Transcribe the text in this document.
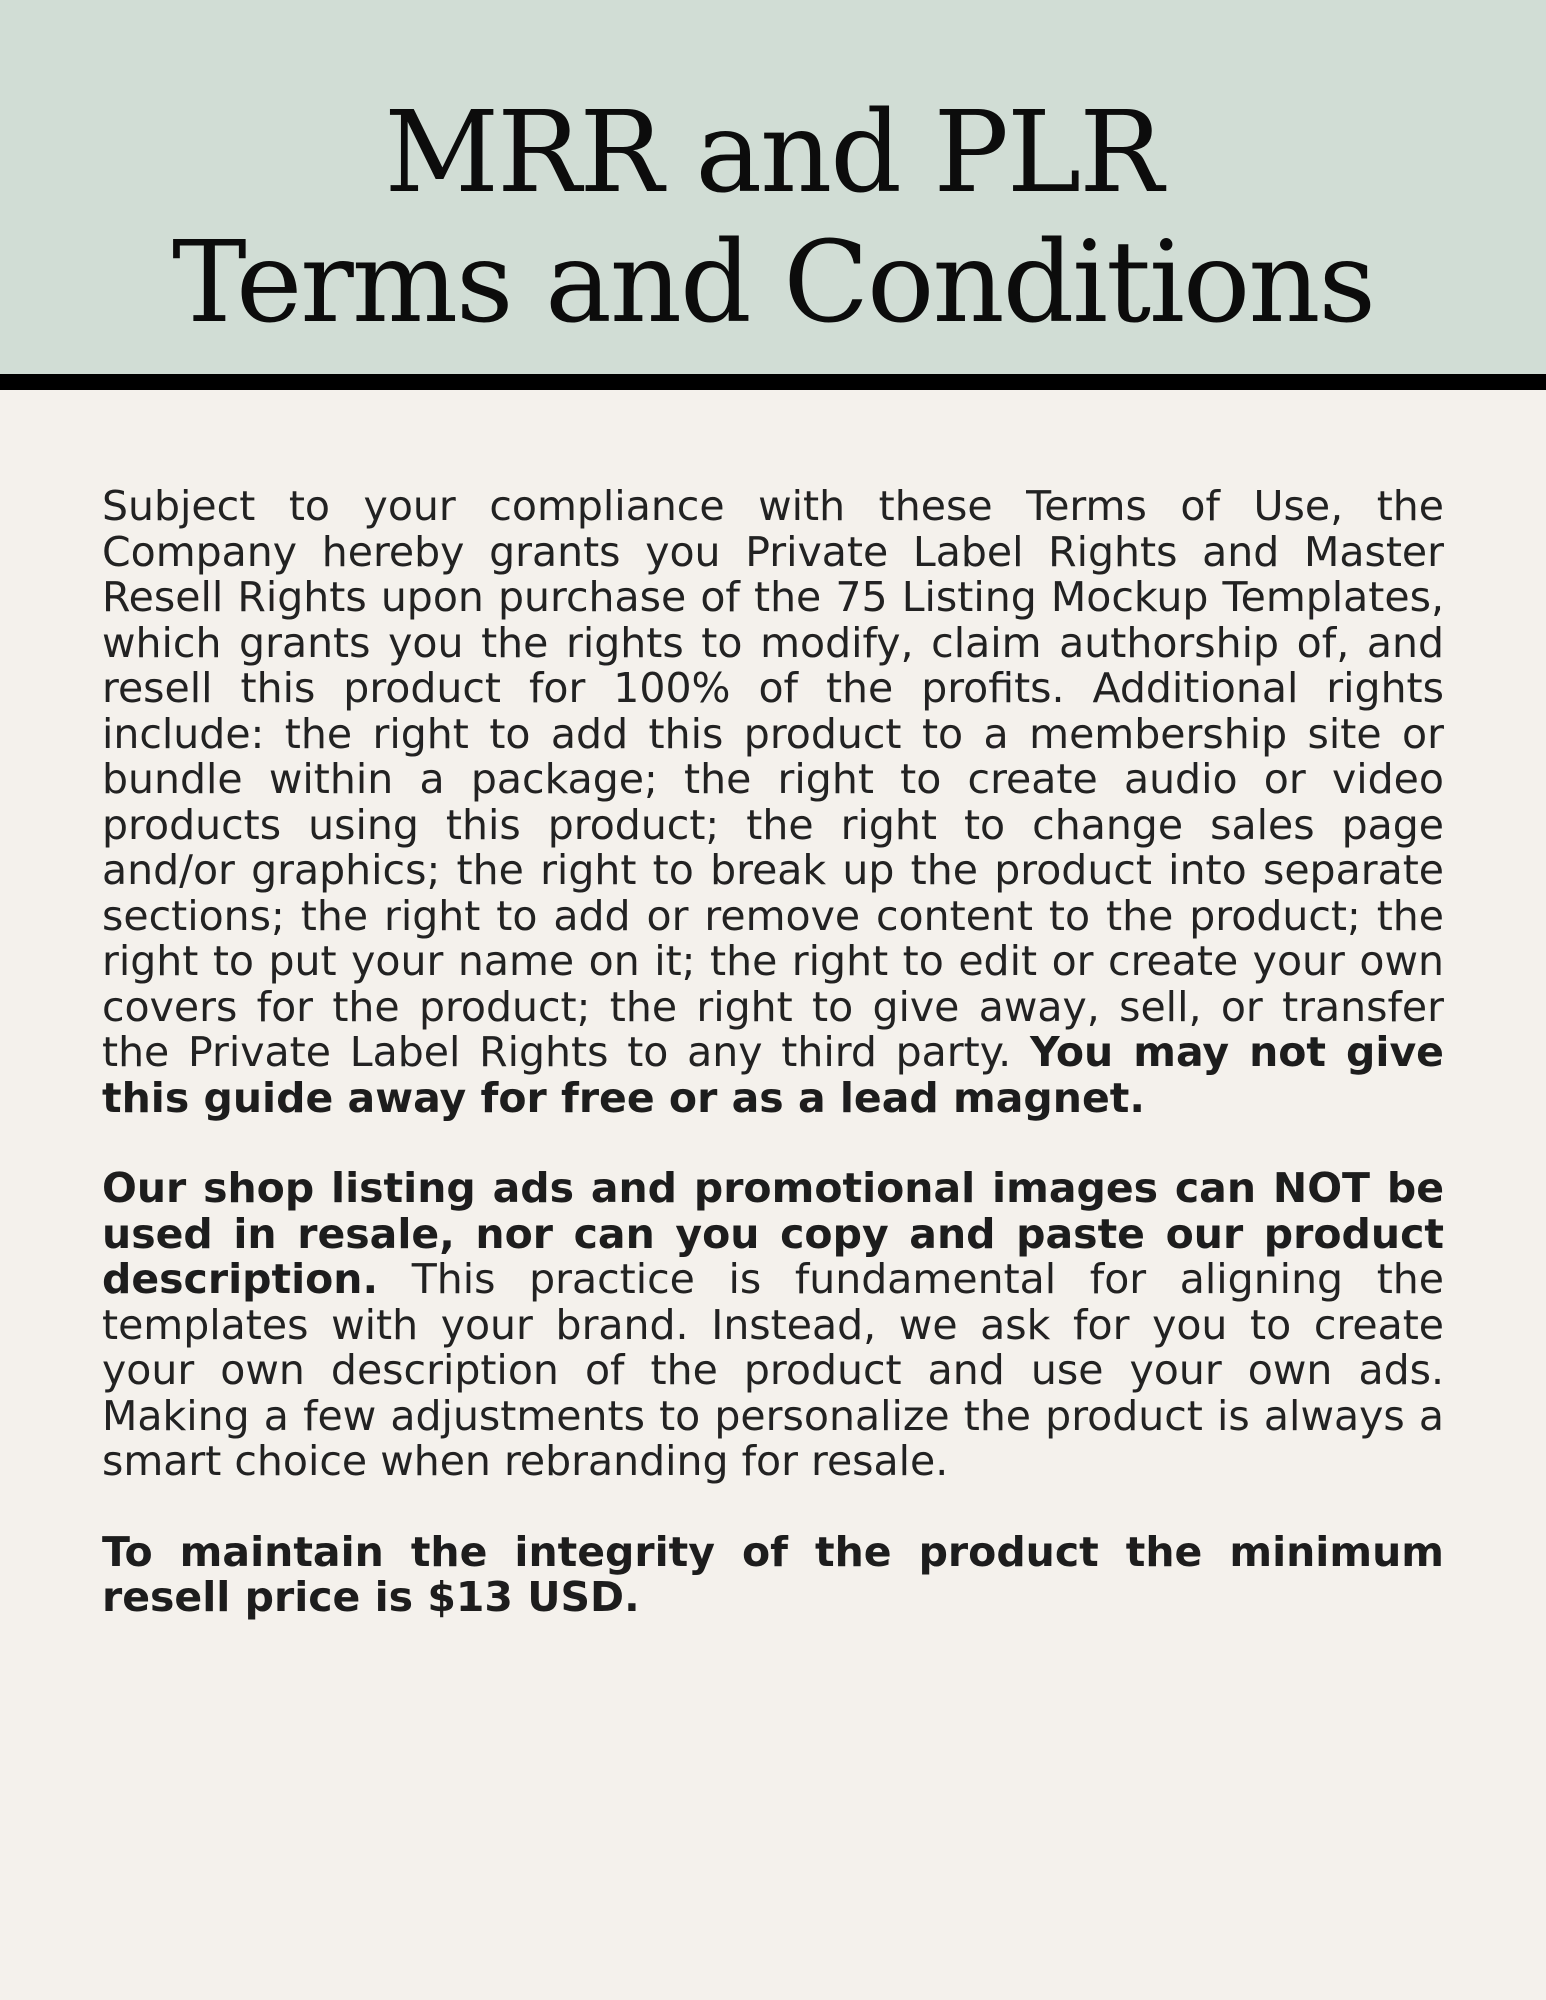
MRR and PLR
Terms and Conditions

Subject to your compliance with these Terms of Use, the Company hereby grants you Private Label Rights and Master Resell Rights upon purchase of the 75 Listing Mockup Templates, which grants you the rights to modify, claim authorship of, and resell this product for 100% of the profits. Additional rights include: the right to add this product to a membership site or bundle within a package; the right to create audio or video products using this product; the right to change sales page and/or graphics; the right to break up the product into separate sections; the right to add or remove content to the product; the right to put your name on it; the right to edit or create your own covers for the product; the right to give away, sell, or transfer the Private Label Rights to any third party. You may not give this guide away for free or as a lead magnet.

Our shop listing ads and promotional images can NOT be used in resale, nor can you copy and paste our product description. This practice is fundamental for aligning the templates with your brand. Instead, we ask for you to create your own description of the product and use your own ads. Making a few adjustments to personalize the product is always a smart choice when rebranding for resale.

To maintain the integrity of the product the minimum resell price is $13 USD.
